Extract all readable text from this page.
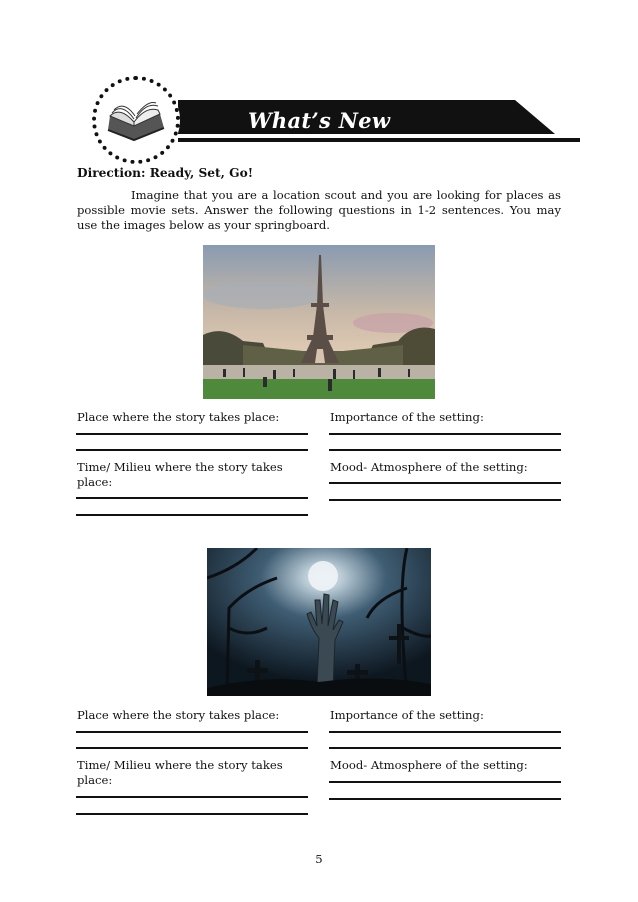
What’s New
Direction: Ready, Set, Go!
Imagine that you are a location scout and you are looking for places as possible movie sets. Answer the following questions in 1-2 sentences. You may use the images below as your springboard.
Place where the story takes place:	Importance of the setting:
Time/ Milieu where the story takes place:
Mood- Atmosphere of the setting:
Place where the story takes place:	Importance of the setting:
Time/ Milieu where the story takes place:
Mood- Atmosphere of the setting:
5
